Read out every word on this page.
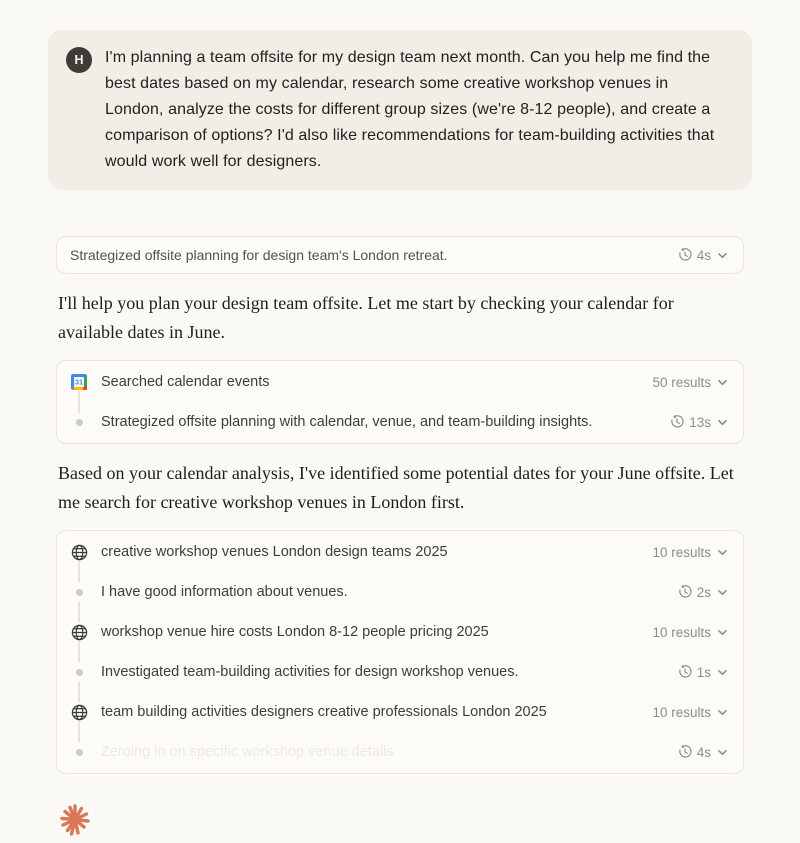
H	I'm planning a team offsite for my design team next month. Can you help me find the best dates based on my calendar, research some creative workshop venues in London, analyze the costs for different group sizes (we're 8-12 people), and create a comparison of options? I'd also like recommendations for team-building activities that would work well for designers.
Strategized offsite planning for design team's London retreat.	4s
I'll help you plan your design team offsite. Let me start by checking your calendar for available dates in June.
31 Searched calendar events	50 results
Strategized offsite planning with calendar, venue, and team-building insights.	13s
Based on your calendar analysis, I've identified some potential dates for your June offsite. Let me search for creative workshop venues in London first.
creative workshop venues London design teams 2025	10 results
I have good information about venues.	2s
workshop venue hire costs London 8-12 people pricing 2025	10 results
Investigated team-building activities for design workshop venues.	1s
team building activities designers creative professionals London 2025	10 results
Zeroing in on specific workshop venue details	4s
